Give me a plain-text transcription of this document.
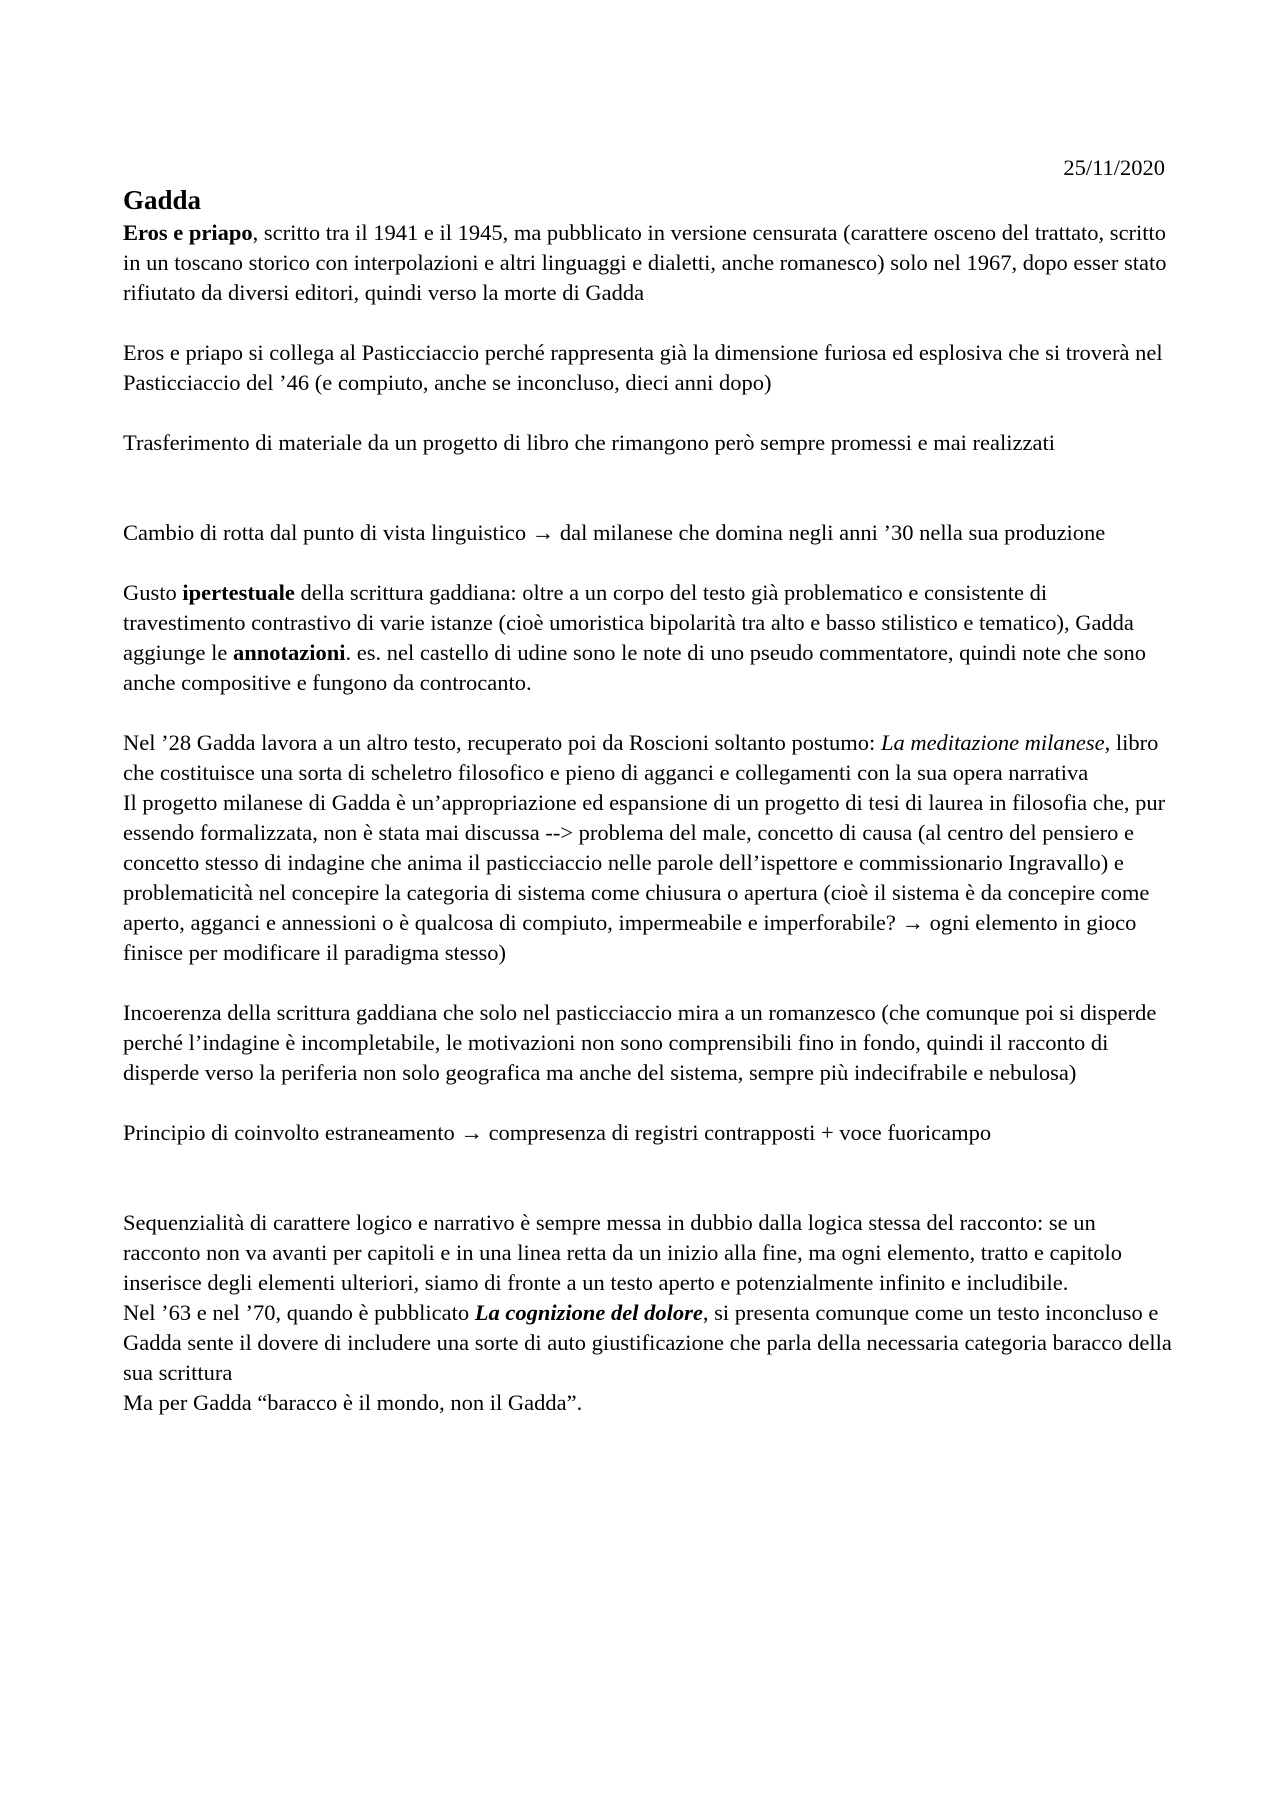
25/11/2020
Gadda

Eros e priapo, scritto tra il 1941 e il 1945, ma pubblicato in versione censurata (carattere osceno del trattato, scritto in un toscano storico con interpolazioni e altri linguaggi e dialetti, anche romanesco) solo nel 1967, dopo esser stato rifiutato da diversi editori, quindi verso la morte di Gadda

Eros e priapo si collega al Pasticciaccio perché rappresenta già la dimensione furiosa ed esplosiva che si troverà nel Pasticciaccio del ’46 (e compiuto, anche se inconcluso, dieci anni dopo)

Trasferimento di materiale da un progetto di libro che rimangono però sempre promessi e mai realizzati

Cambio di rotta dal punto di vista linguistico → dal milanese che domina negli anni ’30 nella sua produzione

Gusto ipertestuale della scrittura gaddiana: oltre a un corpo del testo già problematico e consistente di travestimento contrastivo di varie istanze (cioè umoristica bipolarità tra alto e basso stilistico e tematico), Gadda aggiunge le annotazioni. es. nel castello di udine sono le note di uno pseudo commentatore, quindi note che sono anche compositive e fungono da controcanto.

Nel ’28 Gadda lavora a un altro testo, recuperato poi da Roscioni soltanto postumo: La meditazione milanese, libro che costituisce una sorta di scheletro filosofico e pieno di agganci e collegamenti con la sua opera narrativa

Il progetto milanese di Gadda è un’appropriazione ed espansione di un progetto di tesi di laurea in filosofia che, pur essendo formalizzata, non è stata mai discussa --> problema del male, concetto di causa (al centro del pensiero e concetto stesso di indagine che anima il pasticciaccio nelle parole dell’ispettore e commissionario Ingravallo) e problematicità nel concepire la categoria di sistema come chiusura o apertura (cioè il sistema è da concepire come aperto, agganci e annessioni o è qualcosa di compiuto, impermeabile e imperforabile? → ogni elemento in gioco finisce per modificare il paradigma stesso)

Incoerenza della scrittura gaddiana che solo nel pasticciaccio mira a un romanzesco (che comunque poi si disperde perché l’indagine è incompletabile, le motivazioni non sono comprensibili fino in fondo, quindi il racconto di disperde verso la periferia non solo geografica ma anche del sistema, sempre più indecifrabile e nebulosa)

Principio di coinvolto estraneamento → compresenza di registri contrapposti + voce fuoricampo

Sequenzialità di carattere logico e narrativo è sempre messa in dubbio dalla logica stessa del racconto: se un racconto non va avanti per capitoli e in una linea retta da un inizio alla fine, ma ogni elemento, tratto e capitolo inserisce degli elementi ulteriori, siamo di fronte a un testo aperto e potenzialmente infinito e includibile.

Nel ’63 e nel ’70, quando è pubblicato La cognizione del dolore, si presenta comunque come un testo inconcluso e Gadda sente il dovere di includere una sorte di auto giustificazione che parla della necessaria categoria baracco della sua scrittura

Ma per Gadda “baracco è il mondo, non il Gadda”.
